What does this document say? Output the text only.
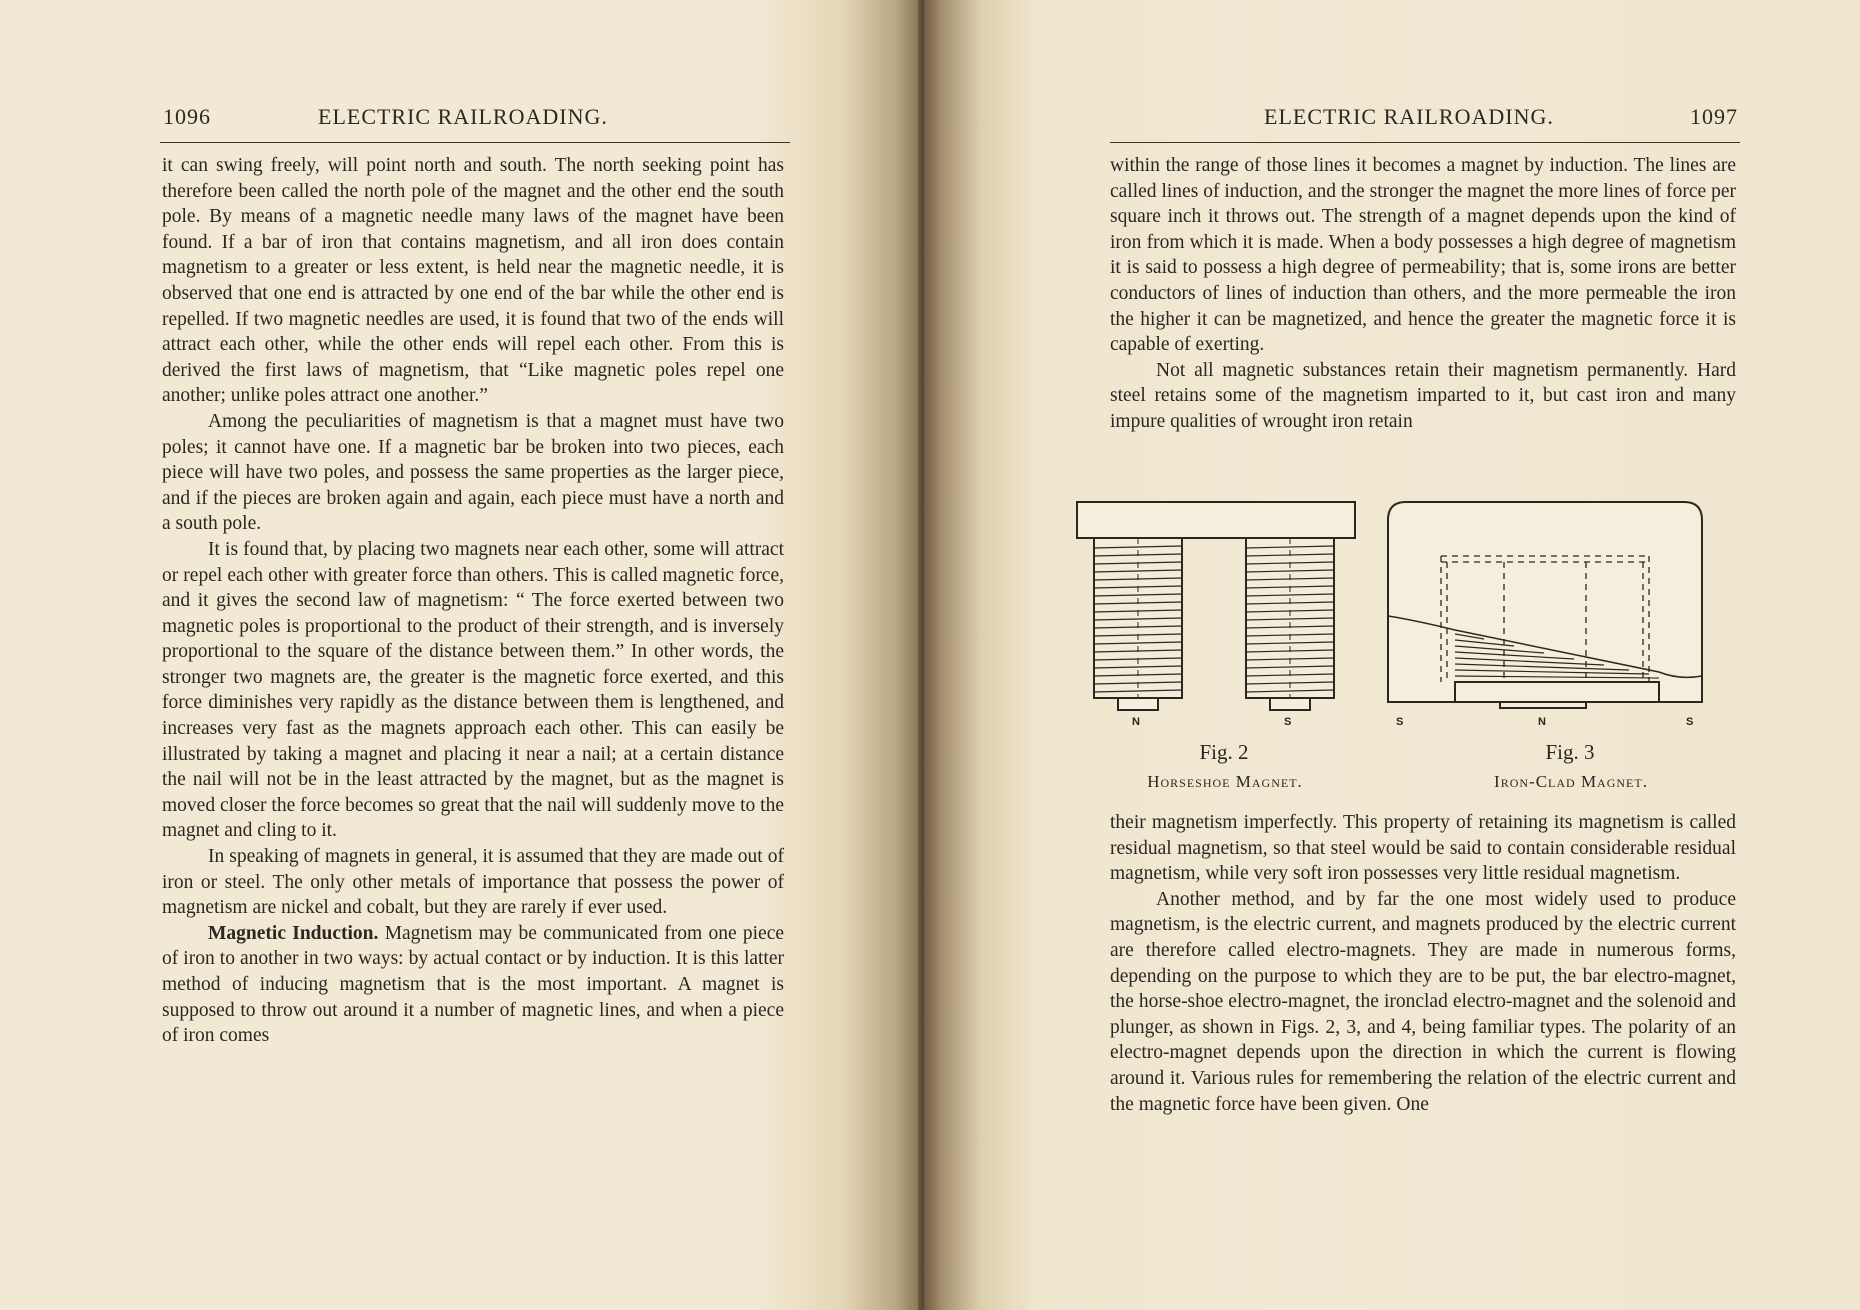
1096	ELECTRIC RAILROADING.

it can swing freely, will point north and south. The north seeking point has therefore been called the north pole of the magnet and the other end the south pole. By means of a magnetic needle many laws of the magnet have been found. If a bar of iron that contains magnetism, and all iron does contain magnetism to a greater or less extent, is held near the magnetic needle, it is observed that one end is attracted by one end of the bar while the other end is repelled. If two magnetic needles are used, it is found that two of the ends will attract each other, while the other ends will repel each other. From this is derived the first laws of magnetism, that “Like magnetic poles repel one another; unlike poles attract one another.”

Among the peculiarities of magnetism is that a magnet must have two poles; it cannot have one. If a magnetic bar be broken into two pieces, each piece will have two poles, and possess the same properties as the larger piece, and if the pieces are broken again and again, each piece must have a north and a south pole.

It is found that, by placing two magnets near each other, some will attract or repel each other with greater force than others. This is called magnetic force, and it gives the second law of magnetism: “ The force exerted between two magnetic poles is proportional to the product of their strength, and is inversely proportional to the square of the distance between them.” In other words, the stronger two magnets are, the greater is the magnetic force exerted, and this force diminishes very rapidly as the distance between them is lengthened, and increases very fast as the magnets approach each other. This can easily be illustrated by taking a magnet and placing it near a nail; at a certain distance the nail will not be in the least attracted by the magnet, but as the magnet is moved closer the force becomes so great that the nail will suddenly move to the magnet and cling to it.

In speaking of magnets in general, it is assumed that they are made out of iron or steel. The only other metals of importance that possess the power of magnetism are nickel and cobalt, but they are rarely if ever used.

Magnetic Induction. Magnetism may be communicated from one piece of iron to another in two ways: by actual contact or by induction. It is this latter method of inducing magnetism that is the most important. A magnet is supposed to throw out around it a number of magnetic lines, and when a piece of iron comes

ELECTRIC RAILROADING.	1097

within the range of those lines it becomes a magnet by induction. The lines are called lines of induction, and the stronger the magnet the more lines of force per square inch it throws out. The strength of a magnet depends upon the kind of iron from which it is made. When a body possesses a high degree of magnetism it is said to possess a high degree of permeability; that is, some irons are better conductors of lines of induction than others, and the more permeable the iron the higher it can be magnetized, and hence the greater the magnetic force it is capable of exerting.

Not all magnetic substances retain their magnetism permanently. Hard steel retains some of the magnetism imparted to it, but cast iron and many impure qualities of wrought iron retain

N	S	S	N	S
Fig. 2
Horseshoe Magnet.
Fig. 3
Iron-Clad Magnet.

their magnetism imperfectly. This property of retaining its magnetism is called residual magnetism, so that steel would be said to contain considerable residual magnetism, while very soft iron possesses very little residual magnetism.

Another method, and by far the one most widely used to produce magnetism, is the electric current, and magnets produced by the electric current are therefore called electro-magnets. They are made in numerous forms, depending on the purpose to which they are to be put, the bar electro-magnet, the horse-shoe electro-magnet, the ironclad electro-magnet and the solenoid and plunger, as shown in Figs. 2, 3, and 4, being familiar types. The polarity of an electro-magnet depends upon the direction in which the current is flowing around it. Various rules for remembering the relation of the electric current and the magnetic force have been given. One
